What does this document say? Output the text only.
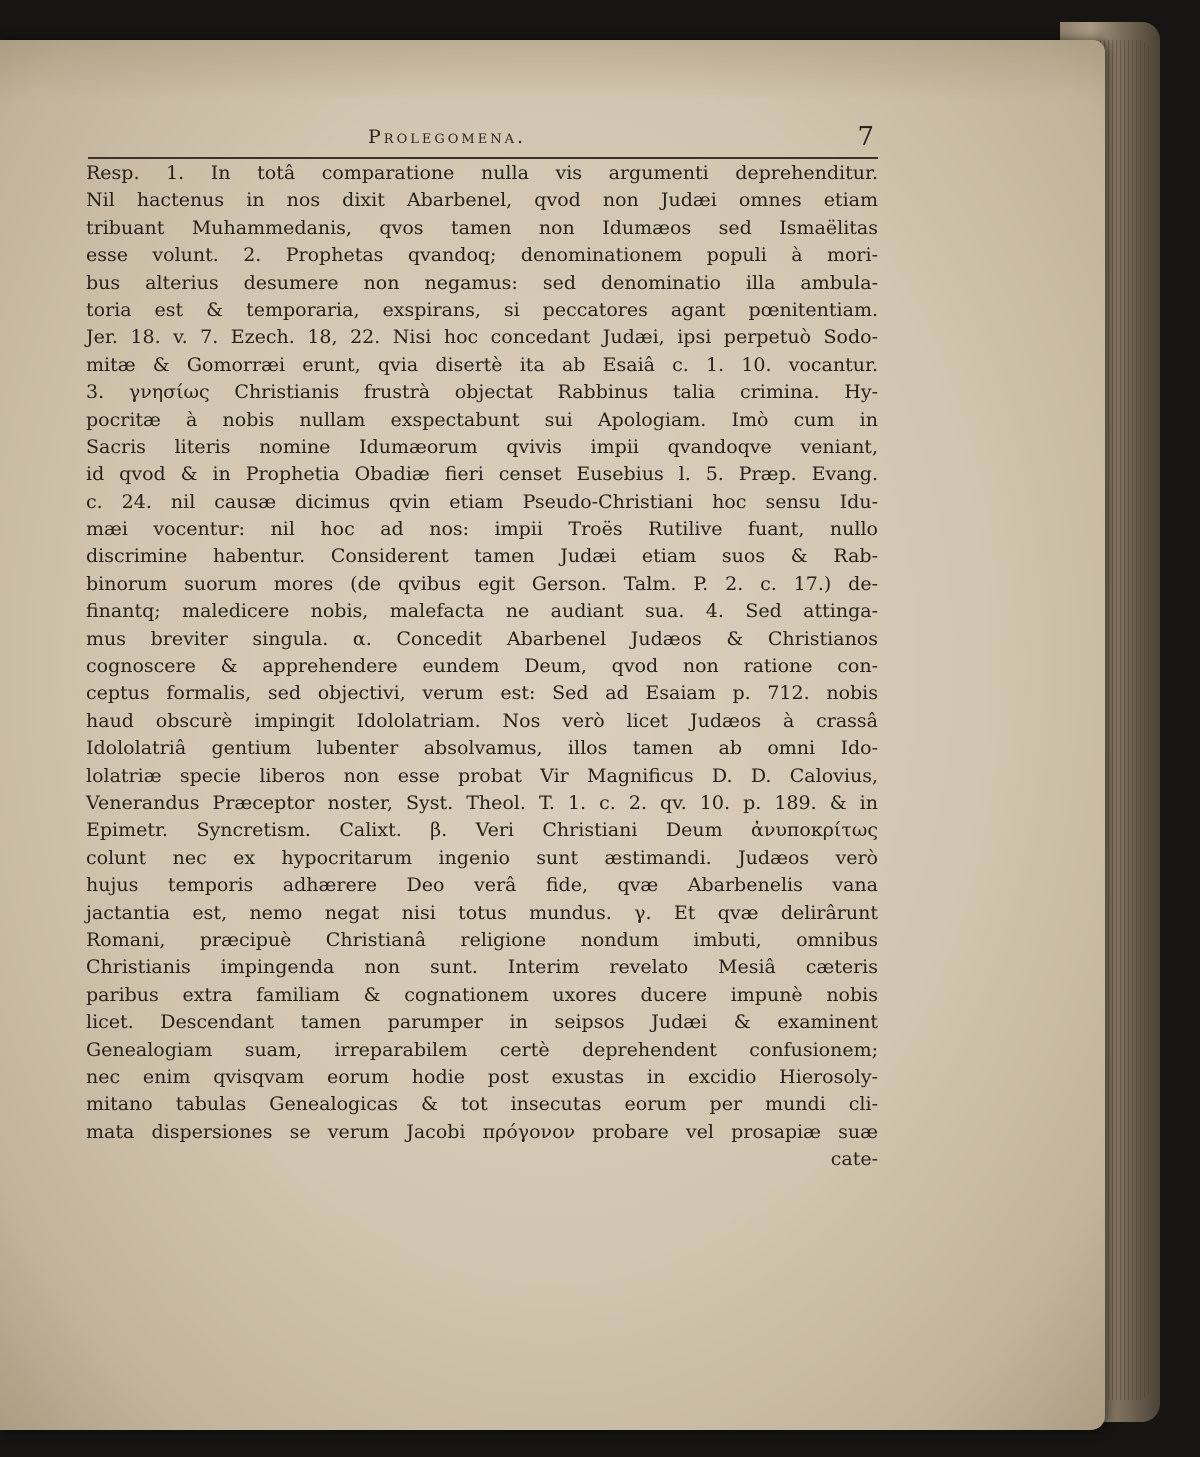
Prolegomena.	7
Resp. 1. In totâ comparatione nulla vis argumenti deprehenditur.
Nil hactenus in nos dixit Abarbenel, qvod non Judæi omnes etiam
tribuant Muhammedanis, qvos tamen non Idumæos sed Ismaëlitas
esse volunt. 2. Prophetas qvandoq; denominationem populi à mori-
bus alterius desumere non negamus: sed denominatio illa ambula-
toria est & temporaria, exspirans, si peccatores agant pœnitentiam.
Jer. 18. v. 7. Ezech. 18, 22. Nisi hoc concedant Judæi, ipsi perpetuò Sodo-
mitæ & Gomorræi erunt, qvia disertè ita ab Esaiâ c. 1. 10. vocantur.
3. γνησίως Christianis frustrà objectat Rabbinus talia crimina. Hy-
pocritæ à nobis nullam exspectabunt sui Apologiam. Imò cum in
Sacris literis nomine Idumæorum qvivis impii qvandoqve veniant,
id qvod & in Prophetia Obadiæ fieri censet Eusebius l. 5. Præp. Evang.
c. 24. nil causæ dicimus qvin etiam Pseudo-Christiani hoc sensu Idu-
mæi vocentur: nil hoc ad nos: impii Troës Rutilive fuant, nullo
discrimine habentur. Considerent tamen Judæi etiam suos & Rab-
binorum suorum mores (de qvibus egit Gerson. Talm. P. 2. c. 17.) de-
finantq; maledicere nobis, malefacta ne audiant sua. 4. Sed attinga-
mus breviter singula. α. Concedit Abarbenel Judæos & Christianos
cognoscere & apprehendere eundem Deum, qvod non ratione con-
ceptus formalis, sed objectivi, verum est: Sed ad Esaiam p. 712. nobis
haud obscurè impingit Idololatriam. Nos verò licet Judæos à crassâ
Idololatriâ gentium lubenter absolvamus, illos tamen ab omni Ido-
lolatriæ specie liberos non esse probat Vir Magnificus D. D. Calovius,
Venerandus Præceptor noster, Syst. Theol. T. 1. c. 2. qv. 10. p. 189. & in
Epimetr. Syncretism. Calixt. β. Veri Christiani Deum ἀνυποκρίτως
colunt nec ex hypocritarum ingenio sunt æstimandi. Judæos verò
hujus temporis adhærere Deo verâ fide, qvæ Abarbenelis vana
jactantia est, nemo negat nisi totus mundus. γ. Et qvæ delirârunt
Romani, præcipuè Christianâ religione nondum imbuti, omnibus
Christianis impingenda non sunt. Interim revelato Mesiâ cæteris
paribus extra familiam & cognationem uxores ducere impunè nobis
licet. Descendant tamen parumper in seipsos Judæi & examinent
Genealogiam suam, irreparabilem certè deprehendent confusionem;
nec enim qvisqvam eorum hodie post exustas in excidio Hierosoly-
mitano tabulas Genealogicas & tot insecutas eorum per mundi cli-
mata dispersiones se verum Jacobi πρόγονον probare vel prosapiæ suæ
cate-
